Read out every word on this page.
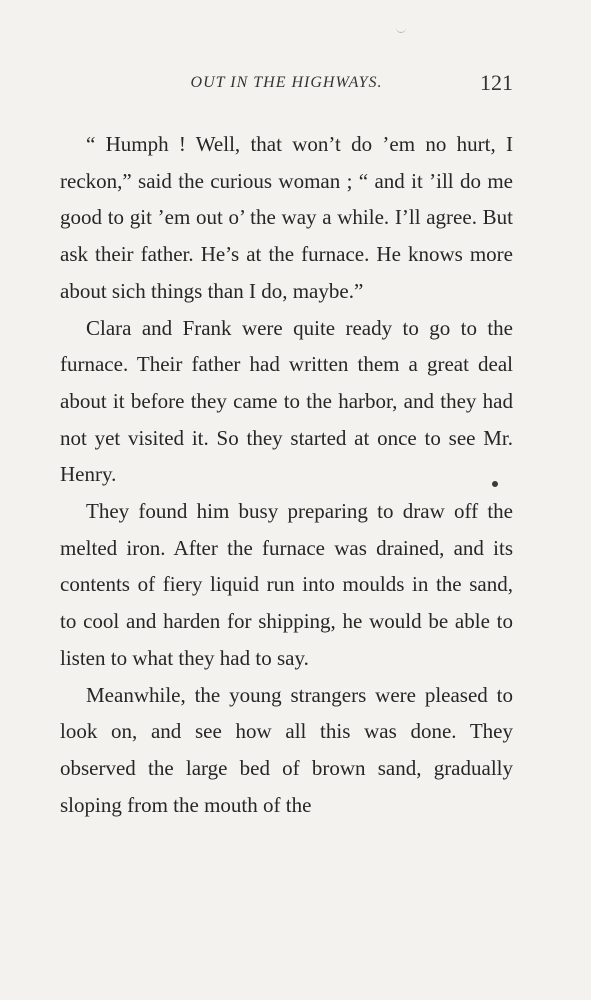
OUT IN THE HIGHWAYS.	121

“ Humph ! Well, that won’t do ’em no hurt, I reckon,” said the curious woman ; “ and it ’ill do me good to git ’em out o’ the way a while. I’ll agree. But ask their father. He’s at the furnace. He knows more about sich things than I do, maybe.”

Clara and Frank were quite ready to go to the furnace. Their father had written them a great deal about it before they came to the harbor, and they had not yet visited it. So they started at once to see Mr. Henry.

They found him busy preparing to draw off the melted iron. After the furnace was drained, and its contents of fiery liquid run into moulds in the sand, to cool and harden for shipping, he would be able to listen to what they had to say.

Meanwhile, the young strangers were pleased to look on, and see how all this was done. They observed the large bed of brown sand, gradually sloping from the mouth of the
